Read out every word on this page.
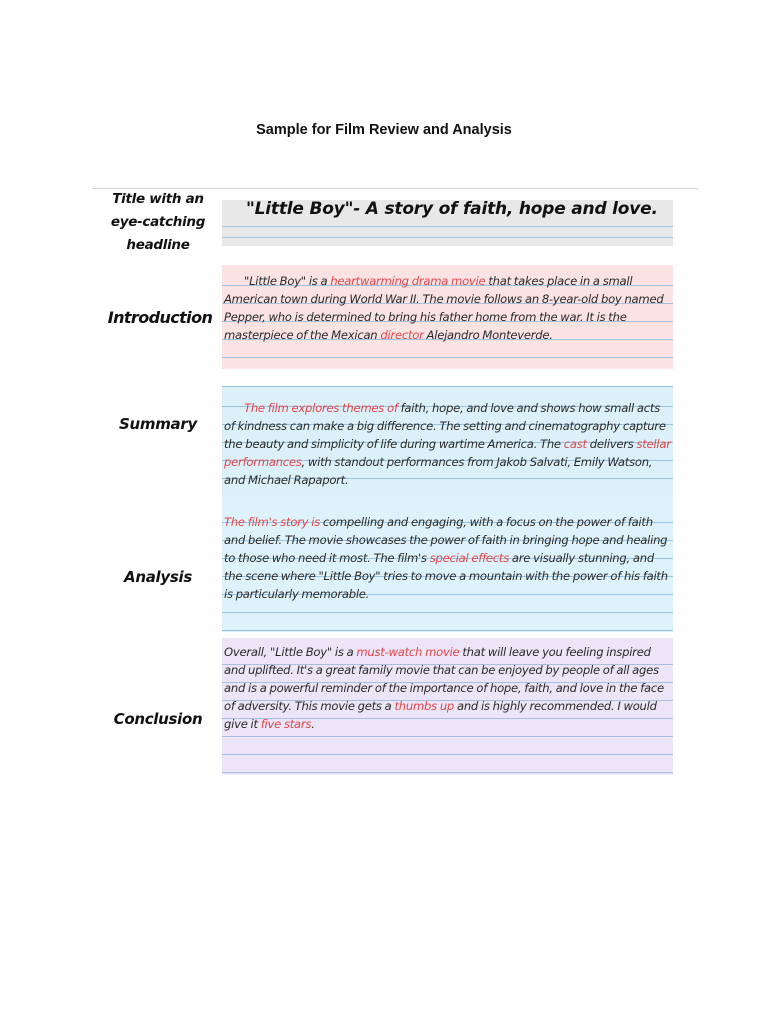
Sample for Film Review and Analysis
Title with an
eye-catching
headline
"Little Boy"- A story of faith, hope and love.
Introduction

"Little Boy" is a heartwarming drama movie that takes place in a small American town during World War II. The movie follows an 8-year-old boy named Pepper, who is determined to bring his father home from the war. It is the masterpiece of the Mexican director Alejandro Monteverde.

Summary

The film explores themes of faith, hope, and love and shows how small acts of kindness can make a big difference. The setting and cinematography capture the beauty and simplicity of life during wartime America. The cast delivers stellar performances, with standout performances from Jakob Salvati, Emily Watson, and Michael Rapaport.

Analysis

The film's story is compelling and engaging, with a focus on the power of faith and belief. The movie showcases the power of faith in bringing hope and healing to those who need it most. The film's special effects are visually stunning, and the scene where "Little Boy" tries to move a mountain with the power of his faith is particularly memorable.

Conclusion

Overall, "Little Boy" is a must-watch movie that will leave you feeling inspired and uplifted. It's a great family movie that can be enjoyed by people of all ages and is a powerful reminder of the importance of hope, faith, and love in the face of adversity. This movie gets a thumbs up and is highly recommended. I would give it five stars.
